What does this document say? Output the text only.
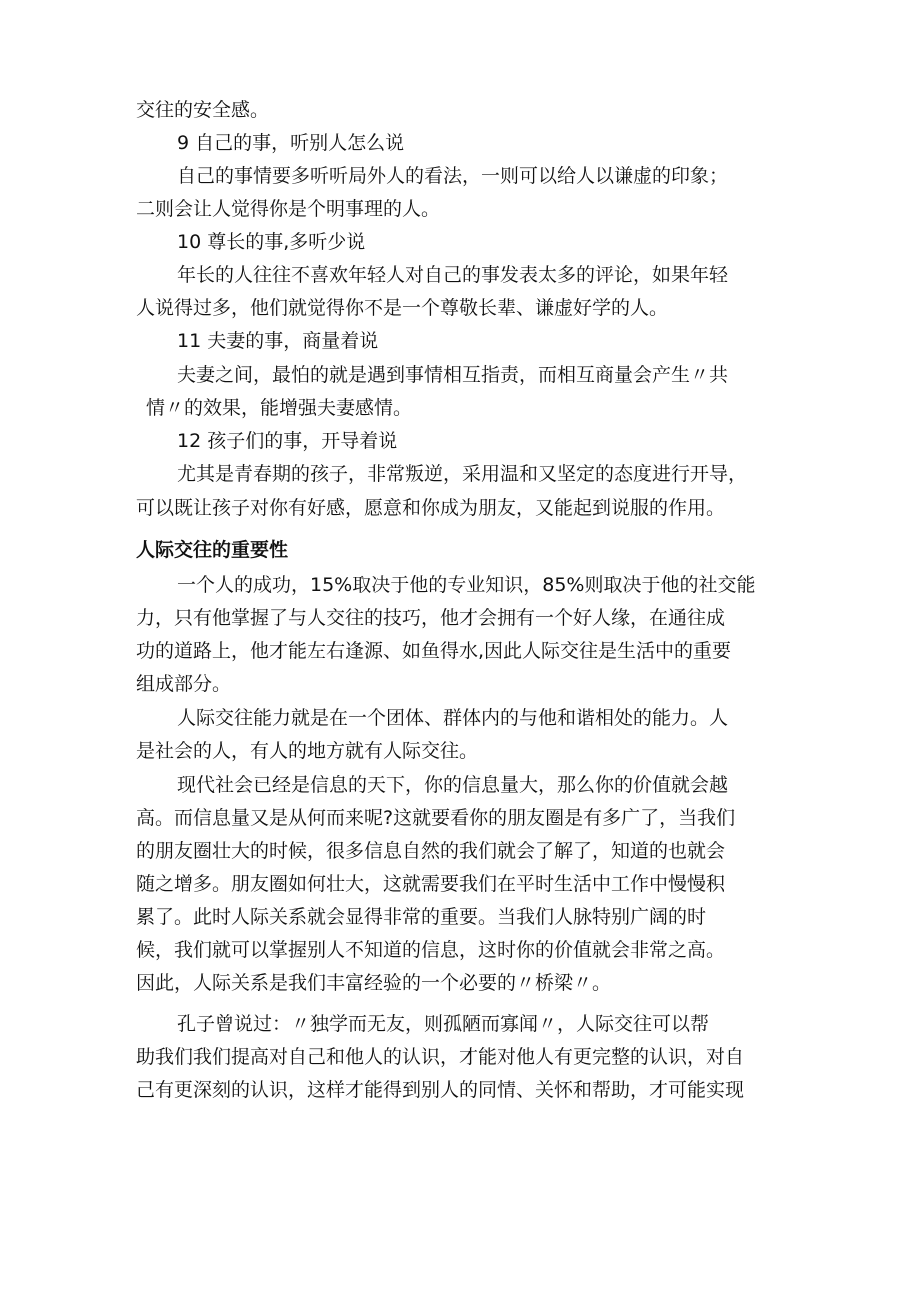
交往的安全感。
9 自己的事，听别人怎么说
自己的事情要多听听局外人的看法，一则可以给人以谦虚的印象；
二则会让人觉得你是个明事理的人。
10 尊长的事,多听少说
年长的人往往不喜欢年轻人对自己的事发表太多的评论，如果年轻
人说得过多，他们就觉得你不是一个尊敬长辈、谦虚好学的人。
11 夫妻的事，商量着说
夫妻之间，最怕的就是遇到事情相互指责，而相互商量会产生〃共
情〃的效果，能增强夫妻感情。
12 孩子们的事，开导着说
尤其是青春期的孩子，非常叛逆，采用温和又坚定的态度进行开导，
可以既让孩子对你有好感，愿意和你成为朋友，又能起到说服的作用。
人际交往的重要性
一个人的成功，15%取决于他的专业知识，85%则取决于他的社交能
力，只有他掌握了与人交往的技巧，他才会拥有一个好人缘，在通往成
功的道路上，他才能左右逢源、如鱼得水,因此人际交往是生活中的重要
组成部分。
人际交往能力就是在一个团体、群体内的与他和谐相处的能力。人
是社会的人，有人的地方就有人际交往。
现代社会已经是信息的天下，你的信息量大，那么你的价值就会越
高。而信息量又是从何而来呢?这就要看你的朋友圈是有多广了，当我们
的朋友圈壮大的时候，很多信息自然的我们就会了解了，知道的也就会
随之增多。朋友圈如何壮大，这就需要我们在平时生活中工作中慢慢积
累了。此时人际关系就会显得非常的重要。当我们人脉特别广阔的时
候，我们就可以掌握别人不知道的信息，这时你的价值就会非常之高。
因此，人际关系是我们丰富经验的一个必要的〃桥梁〃。
孔子曾说过：〃独学而无友，则孤陋而寡闻〃，人际交往可以帮
助我们我们提高对自己和他人的认识，才能对他人有更完整的认识，对自
己有更深刻的认识，这样才能得到别人的同情、关怀和帮助，才可能实现
